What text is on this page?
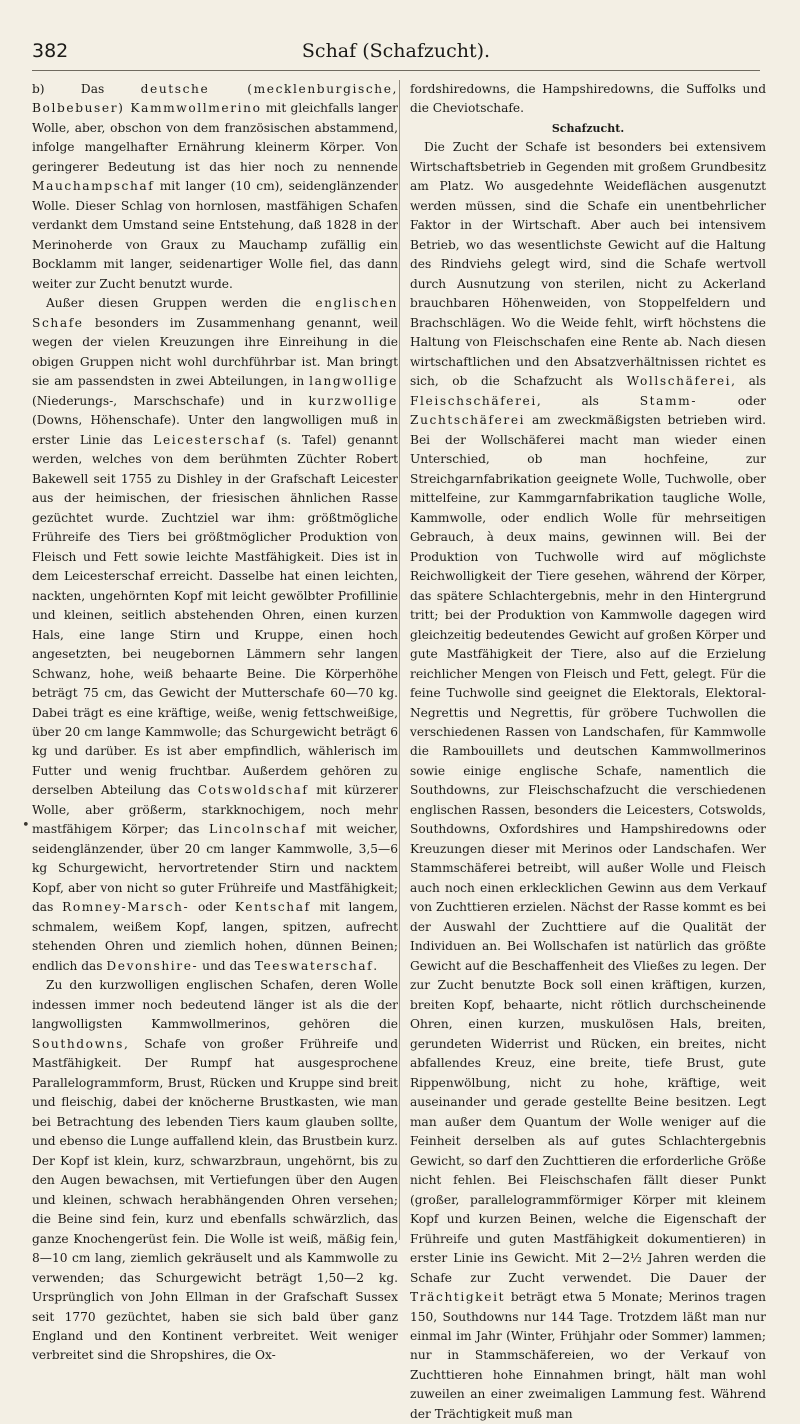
382	Schaf (Schafzucht).
•

b) Das deutsche (mecklenburgische, Bolbebuser) Kammwollmerino mit gleichfalls langer Wolle, aber, obschon von dem französischen abstammend, infolge mangelhafter Ernährung kleinerm Körper. Von geringerer Bedeutung ist das hier noch zu nennende Mauchampschaf mit langer (10 cm), seidenglänzender Wolle. Dieser Schlag von hornlosen, mastfähigen Schafen verdankt dem Umstand seine Entstehung, daß 1828 in der Merinoherde von Graux zu Mauchamp zufällig ein Bocklamm mit langer, seidenartiger Wolle fiel, das dann weiter zur Zucht benutzt wurde.

Außer diesen Gruppen werden die englischen Schafe besonders im Zusammenhang genannt, weil wegen der vielen Kreuzungen ihre Einreihung in die obigen Gruppen nicht wohl durchführbar ist. Man bringt sie am passendsten in zwei Abteilungen, in langwollige (Niederungs-, Marschschafe) und in kurzwollige (Downs, Höhenschafe). Unter den langwolligen muß in erster Linie das Leicesterschaf (s. Tafel) genannt werden, welches von dem berühmten Züchter Robert Bakewell seit 1755 zu Dishley in der Grafschaft Leicester aus der heimischen, der friesischen ähnlichen Rasse gezüchtet wurde. Zuchtziel war ihm: größtmögliche Frühreife des Tiers bei größtmöglicher Produktion von Fleisch und Fett sowie leichte Mastfähigkeit. Dies ist in dem Leicesterschaf erreicht. Dasselbe hat einen leichten, nackten, ungehörnten Kopf mit leicht gewölbter Profillinie und kleinen, seitlich abstehenden Ohren, einen kurzen Hals, eine lange Stirn und Kruppe, einen hoch angesetzten, bei neugebornen Lämmern sehr langen Schwanz, hohe, weiß behaarte Beine. Die Körperhöhe beträgt 75 cm, das Gewicht der Mutterschafe 60—70 kg. Dabei trägt es eine kräftige, weiße, wenig fettschweißige, über 20 cm lange Kammwolle; das Schurgewicht beträgt 6 kg und darüber. Es ist aber empfindlich, wählerisch im Futter und wenig fruchtbar. Außerdem gehören zu derselben Abteilung das Cotswoldschaf mit kürzerer Wolle, aber größerm, starkknochigem, noch mehr mastfähigem Körper; das Lincolnschaf mit weicher, seidenglänzender, über 20 cm langer Kammwolle, 3,5—6 kg Schurgewicht, hervortretender Stirn und nacktem Kopf, aber von nicht so guter Frühreife und Mastfähigkeit; das Romney-Marsch- oder Kentschaf mit langem, schmalem, weißem Kopf, langen, spitzen, aufrecht stehenden Ohren und ziemlich hohen, dünnen Beinen; endlich das Devonshire- und das Teeswaterschaf.

Zu den kurzwolligen englischen Schafen, deren Wolle indessen immer noch bedeutend länger ist als die der langwolligsten Kammwollmerinos, gehören die Southdowns, Schafe von großer Frühreife und Mastfähigkeit. Der Rumpf hat ausgesprochene Parallelogrammform, Brust, Rücken und Kruppe sind breit und fleischig, dabei der knöcherne Brustkasten, wie man bei Betrachtung des lebenden Tiers kaum glauben sollte, und ebenso die Lunge auffallend klein, das Brustbein kurz. Der Kopf ist klein, kurz, schwarzbraun, ungehörnt, bis zu den Augen bewachsen, mit Vertiefungen über den Augen und kleinen, schwach herabhängenden Ohren versehen; die Beine sind fein, kurz und ebenfalls schwärzlich, das ganze Knochengerüst fein. Die Wolle ist weiß, mäßig fein, 8—10 cm lang, ziemlich gekräuselt und als Kammwolle zu verwenden; das Schurgewicht beträgt 1,50—2 kg. Ursprünglich von John Ellman in der Grafschaft Sussex seit 1770 gezüchtet, haben sie sich bald über ganz England und den Kontinent verbreitet. Weit weniger verbreitet sind die Shropshires, die Ox-

fordshiredowns, die Hampshiredowns, die Suffolks und die Cheviotschafe.

Schafzucht.

Die Zucht der Schafe ist besonders bei extensivem Wirtschaftsbetrieb in Gegenden mit großem Grundbesitz am Platz. Wo ausgedehnte Weideflächen ausgenutzt werden müssen, sind die Schafe ein unentbehrlicher Faktor in der Wirtschaft. Aber auch bei intensivem Betrieb, wo das wesentlichste Gewicht auf die Haltung des Rindviehs gelegt wird, sind die Schafe wertvoll durch Ausnutzung von sterilen, nicht zu Ackerland brauchbaren Höhenweiden, von Stoppelfeldern und Brachschlägen. Wo die Weide fehlt, wirft höchstens die Haltung von Fleischschafen eine Rente ab. Nach diesen wirtschaftlichen und den Absatzverhältnissen richtet es sich, ob die Schafzucht als Wollschäferei, als Fleischschäferei, als Stamm- oder Zuchtschäferei am zweckmäßigsten betrieben wird. Bei der Wollschäferei macht man wieder einen Unterschied, ob man hochfeine, zur Streichgarnfabrikation geeignete Wolle, Tuchwolle, ober mittelfeine, zur Kammgarnfabrikation taugliche Wolle, Kammwolle, oder endlich Wolle für mehrseitigen Gebrauch, à deux mains, gewinnen will. Bei der Produktion von Tuchwolle wird auf möglichste Reichwolligkeit der Tiere gesehen, während der Körper, das spätere Schlachtergebnis, mehr in den Hintergrund tritt; bei der Produktion von Kammwolle dagegen wird gleichzeitig bedeutendes Gewicht auf großen Körper und gute Mastfähigkeit der Tiere, also auf die Erzielung reichlicher Mengen von Fleisch und Fett, gelegt. Für die feine Tuchwolle sind geeignet die Elektorals, Elektoral-Negrettis und Negrettis, für gröbere Tuchwollen die verschiedenen Rassen von Landschafen, für Kammwolle die Rambouillets und deutschen Kammwollmerinos sowie einige englische Schafe, namentlich die Southdowns, zur Fleischschafzucht die verschiedenen englischen Rassen, besonders die Leicesters, Cotswolds, Southdowns, Oxfordshires und Hampshiredowns oder Kreuzungen dieser mit Merinos oder Landschafen. Wer Stammschäferei betreibt, will außer Wolle und Fleisch auch noch einen erklecklichen Gewinn aus dem Verkauf von Zuchttieren erzielen. Nächst der Rasse kommt es bei der Auswahl der Zuchttiere auf die Qualität der Individuen an. Bei Wollschafen ist natürlich das größte Gewicht auf die Beschaffenheit des Vließes zu legen. Der zur Zucht benutzte Bock soll einen kräftigen, kurzen, breiten Kopf, behaarte, nicht rötlich durchscheinende Ohren, einen kurzen, muskulösen Hals, breiten, gerundeten Widerrist und Rücken, ein breites, nicht abfallendes Kreuz, eine breite, tiefe Brust, gute Rippenwölbung, nicht zu hohe, kräftige, weit auseinander und gerade gestellte Beine besitzen. Legt man außer dem Quantum der Wolle weniger auf die Feinheit derselben als auf gutes Schlachtergebnis Gewicht, so darf den Zuchttieren die erforderliche Größe nicht fehlen. Bei Fleischschafen fällt dieser Punkt (großer, parallelogrammförmiger Körper mit kleinem Kopf und kurzen Beinen, welche die Eigenschaft der Frühreife und guten Mastfähigkeit dokumentieren) in erster Linie ins Gewicht. Mit 2—2½ Jahren werden die Schafe zur Zucht verwendet. Die Dauer der Trächtigkeit beträgt etwa 5 Monate; Merinos tragen 150, Southdowns nur 144 Tage. Trotzdem läßt man nur einmal im Jahr (Winter, Frühjahr oder Sommer) lammen; nur in Stammschäfereien, wo der Verkauf von Zuchttieren hohe Einnahmen bringt, hält man wohl zuweilen an einer zweimaligen Lammung fest. Während der Trächtigkeit muß man
